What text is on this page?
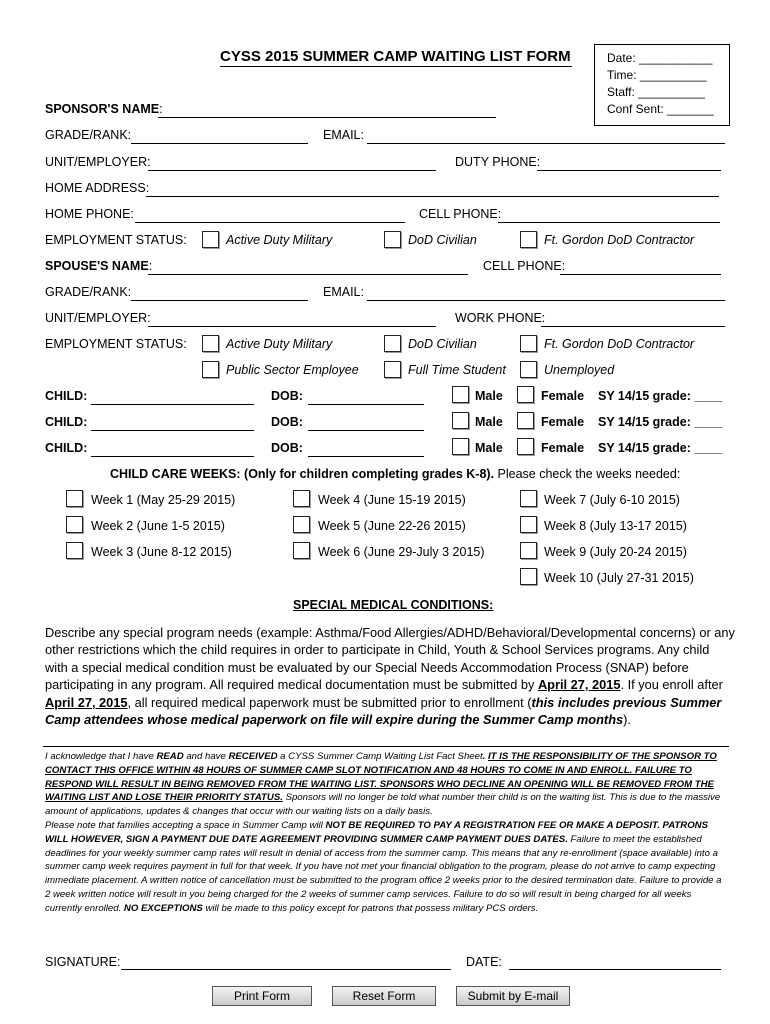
CYSS 2015 SUMMER CAMP WAITING LIST FORM	Date: ___________
Time: __________
Staff: __________
Conf Sent: _______
SPONSOR'S NAME:
GRADE/RANK:	EMAIL:
UNIT/EMPLOYER:	DUTY PHONE:
HOME ADDRESS:
HOME PHONE:	CELL PHONE:
EMPLOYMENT STATUS:	Active Duty Military	DoD Civilian	Ft. Gordon DoD Contractor
SPOUSE'S NAME:	CELL PHONE:
GRADE/RANK:	EMAIL:
UNIT/EMPLOYER:	WORK PHONE:
EMPLOYMENT STATUS:	Active Duty Military	DoD Civilian	Ft. Gordon DoD Contractor
Public Sector Employee	Full Time Student	Unemployed
CHILD:	DOB:	Male	Female SY 14/15 grade: ____
CHILD:	DOB:	Male	Female SY 14/15 grade: ____
CHILD:	DOB:	Male	Female SY 14/15 grade: ____
CHILD CARE WEEKS: (Only for children completing grades K-8). Please check the weeks needed:
Week 1 (May 25-29 2015)
Week 2 (June 1-5 2015)
Week 3 (June 8-12 2015)
Week 4 (June 15-19 2015)
Week 5 (June 22-26 2015)
Week 6 (June 29-July 3 2015)
Week 7 (July 6-10 2015)
Week 8 (July 13-17 2015)
Week 9 (July 20-24 2015)
Week 10 (July 27-31 2015)
SPECIAL MEDICAL CONDITIONS:
Describe any special program needs (example: Asthma/Food Allergies/ADHD/Behavioral/Developmental concerns) or any other restrictions which the child requires in order to participate in Child, Youth & School Services programs. Any child with a special medical condition must be evaluated by our Special Needs Accommodation Process (SNAP) before participating in any program. All required medical documentation must be submitted by April 27, 2015. If you enroll after April 27, 2015, all required medical paperwork must be submitted prior to enrollment (this includes previous Summer Camp attendees whose medical paperwork on file will expire during the Summer Camp months).
I acknowledge that I have READ and have RECEIVED a CYSS Summer Camp Waiting List Fact Sheet. IT IS THE RESPONSIBILITY OF THE SPONSOR TO CONTACT THIS OFFICE WITHIN 48 HOURS OF SUMMER CAMP SLOT NOTIFICATION AND 48 HOURS TO COME IN AND ENROLL. FAILURE TO RESPOND WILL RESULT IN BEING REMOVED FROM THE WAITING LIST. SPONSORS WHO DECLINE AN OPENING WILL BE REMOVED FROM THE WAITING LIST AND LOSE THEIR PRIORITY STATUS. Sponsors will no longer be told what number their child is on the waiting list. This is due to the massive amount of applications, updates & changes that occur with our waiting lists on a daily basis.
Please note that families accepting a space in Summer Camp will NOT BE REQUIRED TO PAY A REGISTRATION FEE OR MAKE A DEPOSIT. PATRONS WILL HOWEVER, SIGN A PAYMENT DUE DATE AGREEMENT PROVIDING SUMMER CAMP PAYMENT DUES DATES. Failure to meet the established deadlines for your weekly summer camp rates will result in denial of access from the summer camp. This means that any re-enrollment (space available) into a summer camp week requires payment in full for that week. If you have not met your financial obligation to the program, please do not arrive to camp expecting immediate placement. A written notice of cancellation must be submitted to the program office 2 weeks prior to the desired termination date. Failure to provide a 2 week written notice will result in you being charged for the 2 weeks of summer camp services. Failure to do so will result in being charged for all weeks currently enrolled. NO EXCEPTIONS will be made to this policy except for patrons that possess military PCS orders.
SIGNATURE:	DATE:
Print Form	Reset Form	Submit by E-mail
